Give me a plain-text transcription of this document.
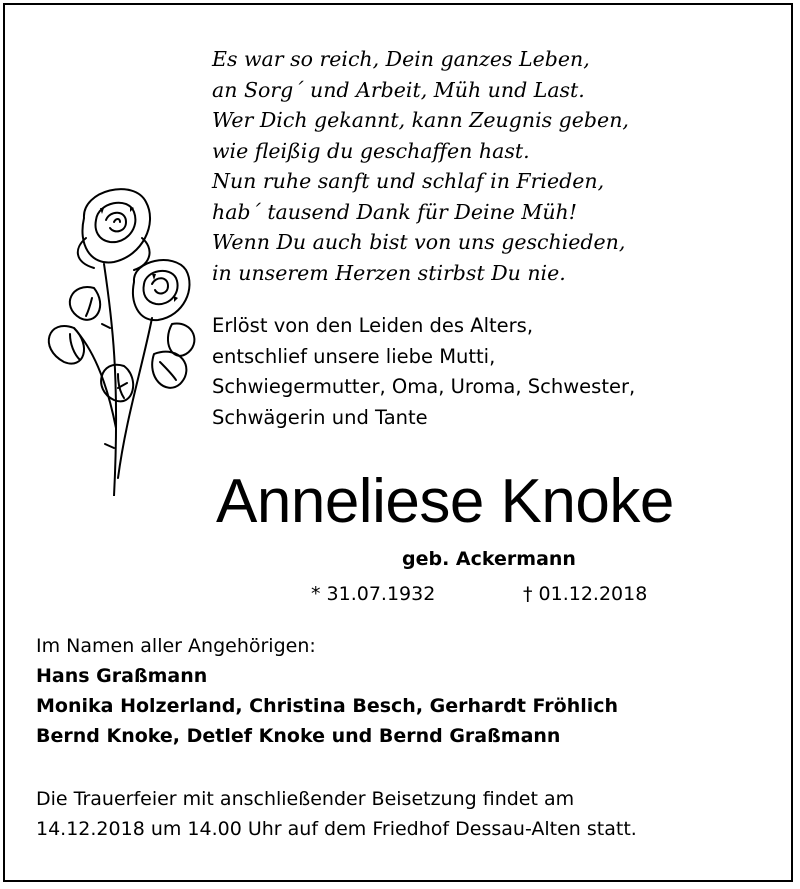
Es war so reich, Dein ganzes Leben,
an Sorg´ und Arbeit, Müh und Last.
Wer Dich gekannt, kann Zeugnis geben,
wie fleißig du geschaffen hast.
Nun ruhe sanft und schlaf in Frieden,
hab´ tausend Dank für Deine Müh!
Wenn Du auch bist von uns geschieden,
in unserem Herzen stirbst Du nie.
Erlöst von den Leiden des Alters,
entschlief unsere liebe Mutti,
Schwiegermutter, Oma, Uroma, Schwester,
Schwägerin und Tante
Anneliese Knoke
geb. Ackermann
* 31.07.1932	† 01.12.2018
Im Namen aller Angehörigen:
Hans Graßmann
Monika Holzerland, Christina Besch, Gerhardt Fröhlich
Bernd Knoke, Detlef Knoke und Bernd Graßmann
Die Trauerfeier mit anschließender Beisetzung findet am
14.12.2018 um 14.00 Uhr auf dem Friedhof Dessau-Alten statt.
